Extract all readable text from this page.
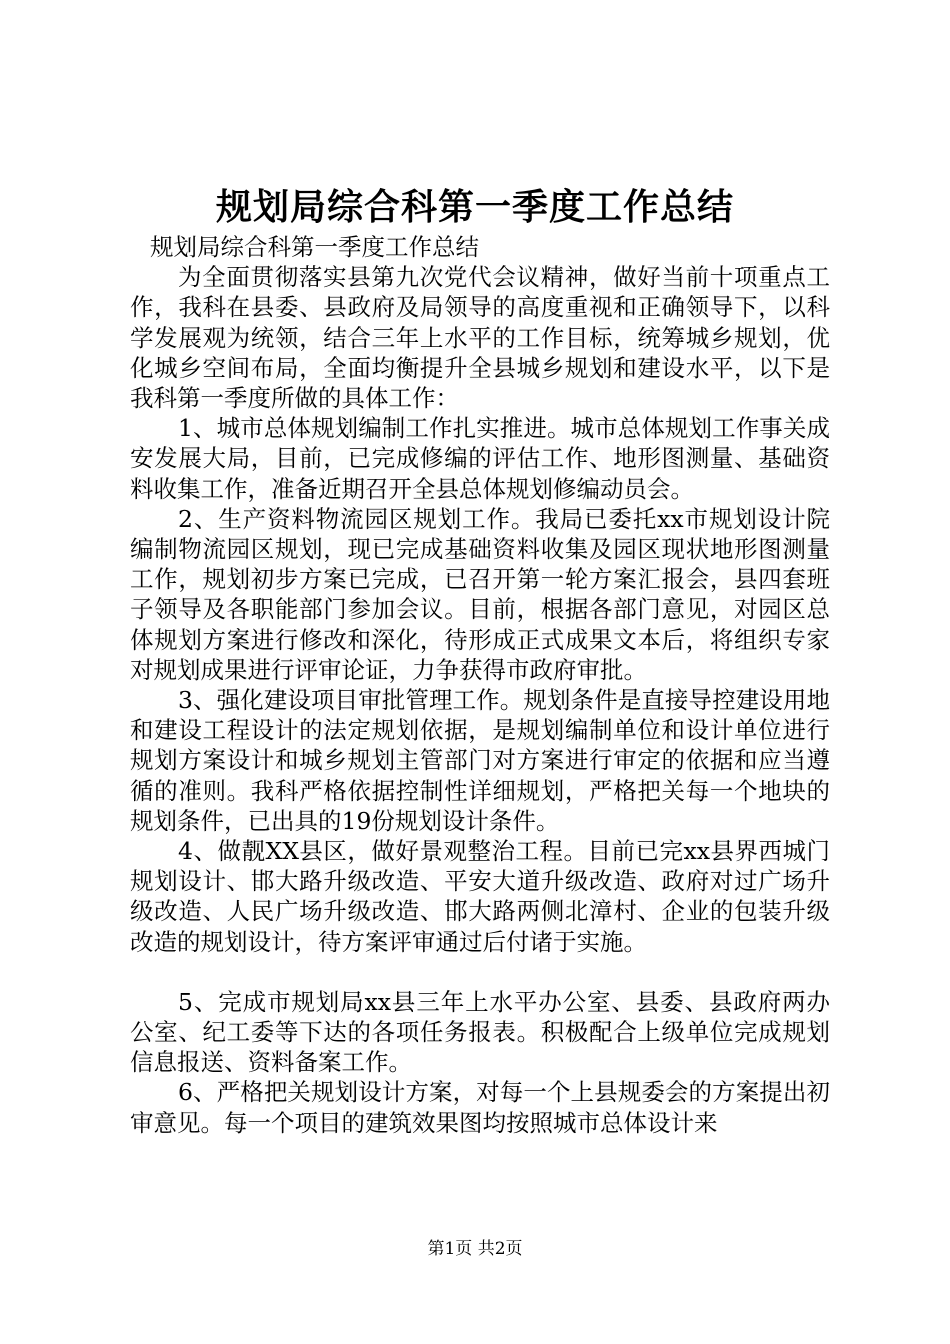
规划局综合科第一季度工作总结

规划局综合科第一季度工作总结

为全面贯彻落实县第九次党代会议精神，做好当前十项重点工作，我科在县委、县政府及局领导的高度重视和正确领导下，以科学发展观为统领，结合三年上水平的工作目标，统筹城乡规划，优化城乡空间布局，全面均衡提升全县城乡规划和建设水平，以下是我科第一季度所做的具体工作：

1、城市总体规划编制工作扎实推进。城市总体规划工作事关成安发展大局，目前，已完成修编的评估工作、地形图测量、基础资料收集工作，准备近期召开全县总体规划修编动员会。

2、生产资料物流园区规划工作。我局已委托xx市规划设计院编制物流园区规划，现已完成基础资料收集及园区现状地形图测量工作，规划初步方案已完成，已召开第一轮方案汇报会，县四套班子领导及各职能部门参加会议。目前，根据各部门意见，对园区总体规划方案进行修改和深化，待形成正式成果文本后，将组织专家对规划成果进行评审论证，力争获得市政府审批。

3、强化建设项目审批管理工作。规划条件是直接导控建设用地和建设工程设计的法定规划依据，是规划编制单位和设计单位进行规划方案设计和城乡规划主管部门对方案进行审定的依据和应当遵循的准则。我科严格依据控制性详细规划，严格把关每一个地块的规划条件，已出具的19份规划设计条件。

4、做靓XX县区，做好景观整治工程。目前已完xx县界西城门规划设计、邯大路升级改造、平安大道升级改造、政府对过广场升级改造、人民广场升级改造、邯大路两侧北漳村、企业的包装升级改造的规划设计，待方案评审通过后付诸于实施。

5、完成市规划局xx县三年上水平办公室、县委、县政府两办公室、纪工委等下达的各项任务报表。积极配合上级单位完成规划信息报送、资料备案工作。

6、严格把关规划设计方案，对每一个上县规委会的方案提出初审意见。每一个项目的建筑效果图均按照城市总体设计来

第1页 共2页
